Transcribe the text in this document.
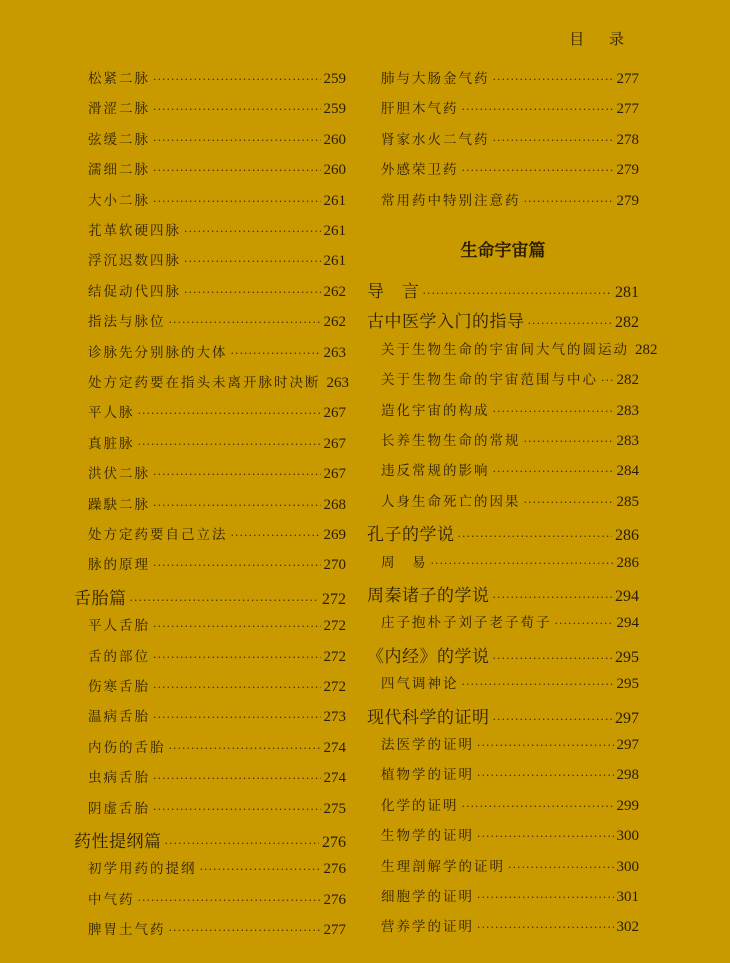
目 录
松紧二脉 ·····	259
滑涩二脉 ·····	259
弦缓二脉 ·····	260
濡细二脉 ·····	260
大小二脉 ·····	261
芤革软硬四脉 ·····	261
浮沉迟数四脉 ·····	261
结促动代四脉 ·····	262
指法与脉位 ·····	262
诊脉先分别脉的大体 ·····	263
处方定药要在指头未离开脉时决断 263
平人脉 ·····	267
真脏脉 ·····	267
洪伏二脉 ·····	267
躁駃二脉 ·····	268
处方定药要自己立法 ·····	269
脉的原理 ·····	270
舌胎篇 ·····	272
平人舌胎 ·····	272
舌的部位 ·····	272
伤寒舌胎 ·····	272
温病舌胎 ·····	273
内伤的舌胎 ·····	274
虫病舌胎 ·····	274
阴虚舌胎 ·····	275
药性提纲篇 ·····	276
初学用药的提纲 ·····	276
中气药 ·····	276
脾胃土气药 ·····	277
生命宇宙篇
肺与大肠金气药 ·····	277
肝胆木气药 ·····	277
肾家水火二气药 ·····	278
外感荣卫药 ·····	279
常用药中特别注意药 ·····	279
导　言 ·····	281
古中医学入门的指导 ·····	282
关于生物生命的宇宙间大气的圆运动 282
关于生物生命的宇宙范围与中心 ····· 282
造化宇宙的构成 ·····	283
长养生物生命的常规 ·····	283
违反常规的影响 ·····	284
人身生命死亡的因果 ·····	285
孔子的学说 ·····	286
周　易 ·····	286
周秦诸子的学说 ·····	294
庄子抱朴子刘子老子荀子 ·····	294
《内经》的学说 ·····	295
四气调神论 ·····	295
现代科学的证明 ·····	297
法医学的证明 ·····	297
植物学的证明 ·····	298
化学的证明 ·····	299
生物学的证明 ·····	300
生理剖解学的证明 ·····	300
细胞学的证明 ·····	301
营养学的证明 ·····	302
